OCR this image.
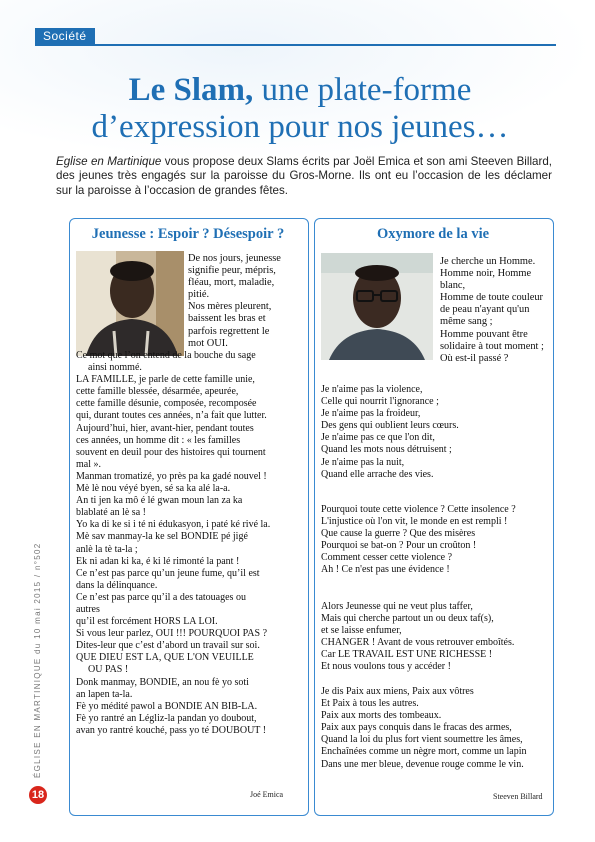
Société
Le Slam, une plate-forme
d’expression pour nos jeunes…
Eglise en Martinique vous propose deux Slams écrits par Joël Emica et son ami Steeven Billard, des jeunes très engagés sur la paroisse du Gros-Morne. Ils ont eu l’occasion de les déclamer sur la paroisse à l’occasion de grandes fêtes.
Jeunesse : Espoir ? Désespoir ?
De nos jours, jeunesse
signifie peur, mépris,
fléau, mort, maladie,
pitié.
Nos mères pleurent,
baissent les bras et
parfois regrettent le
mot OUI.
Ce mot que l’on entend de la bouche du sage
ainsi nommé.
LA FAMILLE, je parle de cette famille unie,
cette famille blessée, désarmée, apeurée,
cette famille désunie, composée, recomposée
qui, durant toutes ces années, n’a fait que lutter.
Aujourd’hui, hier, avant-hier, pendant toutes
ces années, un homme dit : « les familles
souvent en deuil pour des histoires qui tournent
mal ».
Manman tromatizé, yo près pa ka gadé nouvel !
Mè lè nou véyé byen, sé sa ka alé la-a.
An ti jen ka mô é lé gwan moun lan za ka
blablaté an lè sa !
Yo ka di ke si i té ni édukasyon, i paté ké rivé la.
Mè sav manmay-la ke sel BONDIE pé jigé
anlè la tè ta-la ;
Ek ni adan ki ka, é ki lé rimonté la pant !
Ce n’est pas parce qu’un jeune fume, qu’il est
dans la délinquance.
Ce n’est pas parce qu’il a des tatouages ou
autres
qu’il est forcément HORS LA LOI.
Si vous leur parlez, OUI !!! POURQUOI PAS ?
Dites-leur que c’est d’abord un travail sur soi.
QUE DIEU EST LA, QUE L'ON VEUILLE
OU PAS !
Donk manmay, BONDIE, an nou fè yo soti
an lapen ta-la.
Fè yo médité pawol a BONDIE AN BIB-LA.
Fè yo rantré an Légliz-la pandan yo doubout,
avan yo rantré kouché, pass yo té DOUBOUT !
Joé Emica
Oxymore de la vie
Je cherche un Homme.
Homme noir, Homme
blanc,
Homme de toute couleur
de peau n'ayant qu'un
même sang ;
Homme pouvant être
solidaire à tout moment ;
Où est-il passé ?
Je n'aime pas la violence,
Celle qui nourrit l'ignorance ;
Je n'aime pas la froideur,
Des gens qui oublient leurs cœurs.
Je n'aime pas ce que l'on dit,
Quand les mots nous détruisent ;
Je n'aime pas la nuit,
Quand elle arrache des vies.
Pourquoi toute cette violence ? Cette insolence ?
L'injustice où l'on vit, le monde en est rempli !
Que cause la guerre ? Que des misères
Pourquoi se bat-on ? Pour un croûton !
Comment cesser cette violence ?
Ah ! Ce n'est pas une évidence !
Alors Jeunesse qui ne veut plus taffer,
Mais qui cherche partout un ou deux taf(s),
et se laisse enfumer,
CHANGER ! Avant de vous retrouver emboîtés.
Car LE TRAVAIL EST UNE RICHESSE !
Et nous voulons tous y accéder !
Je dis Paix aux miens, Paix aux vôtres
Et Paix à tous les autres.
Paix aux morts des tombeaux.
Paix aux pays conquis dans le fracas des armes,
Quand la loi du plus fort vient soumettre les âmes,
Enchaînées comme un nègre mort, comme un lapin
Dans une mer bleue, devenue rouge comme le vin.
Steeven Billard
ÉGLISE EN MARTINIQUE du 10 mai 2015 / n°502
18
